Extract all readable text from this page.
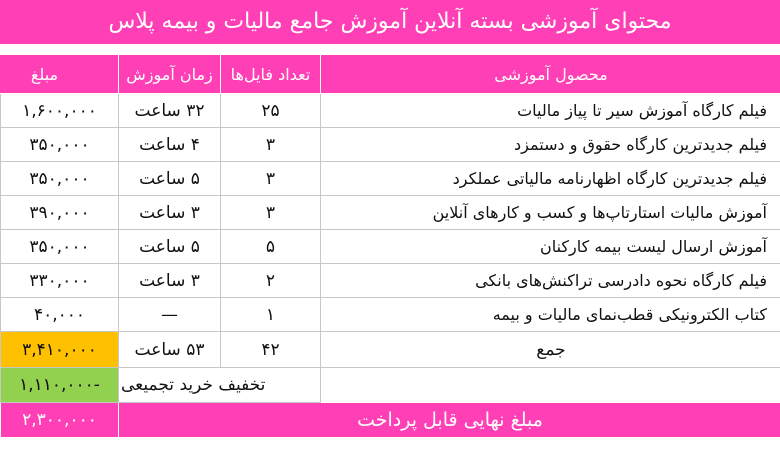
محتوای آموزشی بسته آنلاین آموزش جامع مالیات و بیمه پلاس
مبلغ		زمان آموزش	تعداد فایل‌ها	محصول آموزشی
	۱,۶۰۰,۰۰۰	۳۲ ساعت	۲۵	فیلم کارگاه آموزش سیر تا پیاز مالیات
	۳۵۰,۰۰۰	۴ ساعت	۳	فیلم جدیدترین کارگاه حقوق و دستمزد
	۳۵۰,۰۰۰	۵ ساعت	۳	فیلم جدیدترین کارگاه اظهارنامه مالیاتی عملکرد
	۳۹۰,۰۰۰	۳ ساعت	۳	آموزش مالیات استارتاپ‌ها و کسب و کارهای آنلاین
	۳۵۰,۰۰۰	۵ ساعت	۵	آموزش ارسال لیست بیمه کارکنان
	۳۳۰,۰۰۰	۳ ساعت	۲	فیلم کارگاه نحوه دادرسی تراکنش‌های بانکی
	۴۰,۰۰۰	—	۱	کتاب الکترونیکی قطب‌نمای مالیات و بیمه
	۳,۴۱۰,۰۰۰	۵۳ ساعت	۴۲	جمع
	-۱,۱۱۰,۰۰۰	تخفیف خرید تجمیعی		
	۲,۳۰۰,۰۰۰	مبلغ نهایی قابل پرداخت		
